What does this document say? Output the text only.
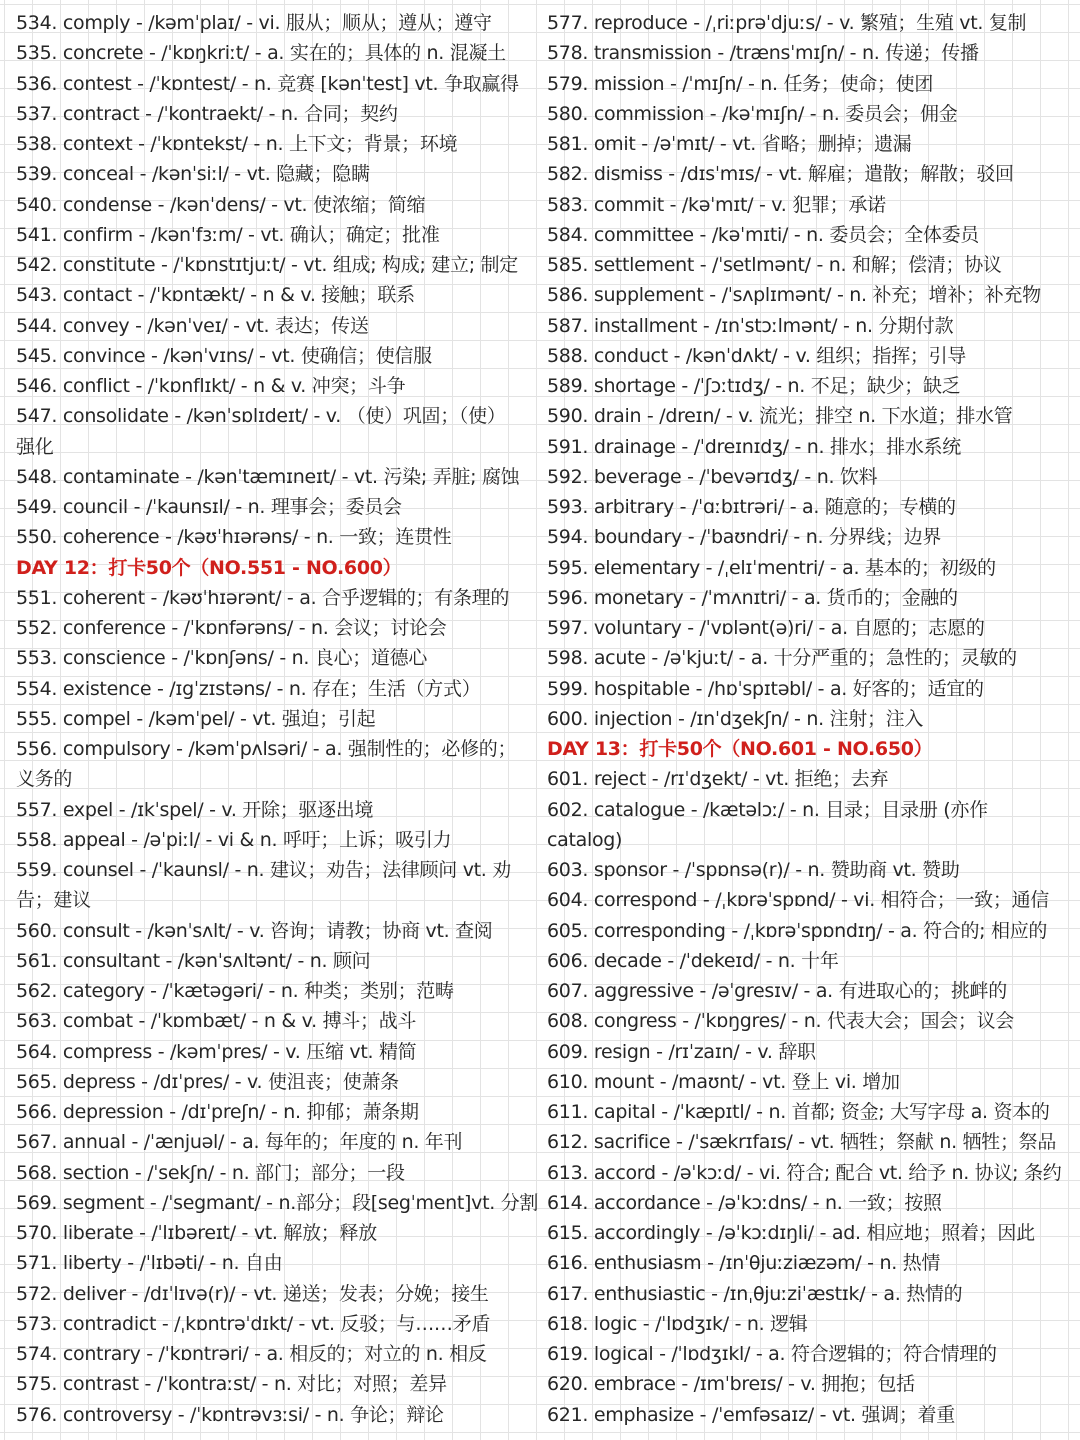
534. comply - /kəmˈplaɪ/ - vi. 服从；顺从；遵从；遵守
535. concrete - /ˈkɒŋkriːt/ - a. 实在的；具体的 n. 混凝土
536. contest - /ˈkɒntest/ - n. 竞赛 [kənˈtest] vt. 争取赢得
537. contract - /ˈkontraekt/ - n. 合同；契约
538. context - /ˈkɒntekst/ - n. 上下文；背景；环境
539. conceal - /kənˈsiːl/ - vt. 隐藏；隐瞒
540. condense - /kənˈdens/ - vt. 使浓缩；简缩
541. confirm - /kənˈfɜːm/ - vt. 确认；确定；批准
542. constitute - /ˈkɒnstɪtjuːt/ - vt. 组成; 构成; 建立; 制定
543. contact - /ˈkɒntækt/ - n & v. 接触；联系
544. convey - /kənˈveɪ/ - vt. 表达；传送
545. convince - /kənˈvɪns/ - vt. 使确信；使信服
546. conflict - /ˈkɒnflɪkt/ - n & v. 冲突；斗争
547. consolidate - /kənˈsɒlɪdeɪt/ - v. （使）巩固；（使）
强化
548. contaminate - /kənˈtæmɪneɪt/ - vt. 污染; 弄脏; 腐蚀
549. council - /ˈkaunsɪl/ - n. 理事会；委员会
550. coherence - /kəʊˈhɪərəns/ - n. 一致；连贯性
DAY 12：打卡50个（NO.551 - NO.600）
551. coherent - /kəʊˈhɪərənt/ - a. 合乎逻辑的；有条理的
552. conference - /ˈkɒnfərəns/ - n. 会议；讨论会
553. conscience - /ˈkɒnʃəns/ - n. 良心；道德心
554. existence - /ɪgˈzɪstəns/ - n. 存在；生活（方式）
555. compel - /kəmˈpel/ - vt. 强迫；引起
556. compulsory - /kəmˈpʌlsəri/ - a. 强制性的；必修的；
义务的
557. expel - /ɪkˈspel/ - v. 开除；驱逐出境
558. appeal - /əˈpiːl/ - vi & n. 呼吁；上诉；吸引力
559. counsel - /ˈkaunsl/ - n. 建议；劝告；法律顾问 vt. 劝
告；建议
560. consult - /kənˈsʌlt/ - v. 咨询；请教；协商 vt. 查阅
561. consultant - /kənˈsʌltənt/ - n. 顾问
562. category - /ˈkætəgəri/ - n. 种类；类别；范畴
563. combat - /ˈkɒmbæt/ - n & v. 搏斗；战斗
564. compress - /kəmˈpres/ - v. 压缩 vt. 精简
565. depress - /dɪˈpres/ - v. 使沮丧；使萧条
566. depression - /dɪˈpreʃn/ - n. 抑郁；萧条期
567. annual - /ˈænjuəl/ - a. 每年的；年度的 n. 年刊
568. section - /ˈsekʃn/ - n. 部门；部分；一段
569. segment - /ˈsegmant/ - n.部分；段[segˈment]vt. 分割
570. liberate - /ˈlɪbəreɪt/ - vt. 解放；释放
571. liberty - /ˈlɪbəti/ - n. 自由
572. deliver - /dɪˈlɪvə(r)/ - vt. 递送；发表；分娩；接生
573. contradict - /ˌkɒntrəˈdɪkt/ - vt. 反驳；与……矛盾
574. contrary - /ˈkɒntrəri/ - a. 相反的；对立的 n. 相反
575. contrast - /ˈkontraːst/ - n. 对比；对照；差异
576. controversy - /ˈkɒntrəvɜːsi/ - n. 争论；辩论
577. reproduce - /ˌriːprəˈdjuːs/ - v. 繁殖；生殖 vt. 复制
578. transmission - /trænsˈmɪʃn/ - n. 传递；传播
579. mission - /ˈmɪʃn/ - n. 任务；使命；使团
580. commission - /kəˈmɪʃn/ - n. 委员会；佣金
581. omit - /əˈmɪt/ - vt. 省略；删掉；遗漏
582. dismiss - /dɪsˈmɪs/ - vt. 解雇；遣散；解散；驳回
583. commit - /kəˈmɪt/ - v. 犯罪；承诺
584. committee - /kəˈmɪti/ - n. 委员会；全体委员
585. settlement - /ˈsetlmənt/ - n. 和解；偿清；协议
586. supplement - /ˈsʌplɪmənt/ - n. 补充；增补；补充物
587. installment - /ɪnˈstɔːlmənt/ - n. 分期付款
588. conduct - /kənˈdʌkt/ - v. 组织；指挥；引导
589. shortage - /ˈʃɔːtɪdʒ/ - n. 不足；缺少；缺乏
590. drain - /dreɪn/ - v. 流光；排空 n. 下水道；排水管
591. drainage - /ˈdreɪnɪdʒ/ - n. 排水；排水系统
592. beverage - /ˈbevərɪdʒ/ - n. 饮料
593. arbitrary - /ˈɑːbɪtrəri/ - a. 随意的；专横的
594. boundary - /ˈbaʊndri/ - n. 分界线；边界
595. elementary - /ˌelɪˈmentri/ - a. 基本的；初级的
596. monetary - /ˈmʌnɪtri/ - a. 货币的；金融的
597. voluntary - /ˈvɒlənt(ə)ri/ - a. 自愿的；志愿的
598. acute - /əˈkjuːt/ - a. 十分严重的；急性的；灵敏的
599. hospitable - /hɒˈspɪtəbl/ - a. 好客的；适宜的
600. injection - /ɪnˈdʒekʃn/ - n. 注射；注入
DAY 13：打卡50个（NO.601 - NO.650）
601. reject - /rɪˈdʒekt/ - vt. 拒绝；去弃
602. catalogue - /kætəlɔː/ - n. 目录；目录册 (亦作
catalog)
603. sponsor - /ˈspɒnsə(r)/ - n. 赞助商 vt. 赞助
604. correspond - /ˌkɒrəˈspɒnd/ - vi. 相符合；一致；通信
605. corresponding - /ˌkɒrəˈspɒndɪŋ/ - a. 符合的; 相应的
606. decade - /ˈdekeɪd/ - n. 十年
607. aggressive - /əˈgresɪv/ - a. 有进取心的；挑衅的
608. congress - /ˈkɒŋgres/ - n. 代表大会；国会；议会
609. resign - /rɪˈzaɪn/ - v. 辞职
610. mount - /maʊnt/ - vt. 登上 vi. 增加
611. capital - /ˈkæpɪtl/ - n. 首都; 资金; 大写字母 a. 资本的
612. sacrifice - /ˈsækrɪfaɪs/ - vt. 牺牲；祭献 n. 牺牲；祭品
613. accord - /əˈkɔːd/ - vi. 符合; 配合 vt. 给予 n. 协议; 条约
614. accordance - /əˈkɔːdns/ - n. 一致；按照
615. accordingly - /əˈkɔːdɪŋli/ - ad. 相应地；照着；因此
616. enthusiasm - /ɪnˈθjuːziæzəm/ - n. 热情
617. enthusiastic - /ɪnˌθjuːziˈæstɪk/ - a. 热情的
618. logic - /ˈlɒdʒɪk/ - n. 逻辑
619. logical - /ˈlɒdʒɪkl/ - a. 符合逻辑的；符合情理的
620. embrace - /ɪmˈbreɪs/ - v. 拥抱；包括
621. emphasize - /ˈemfəsaɪz/ - vt. 强调；着重
